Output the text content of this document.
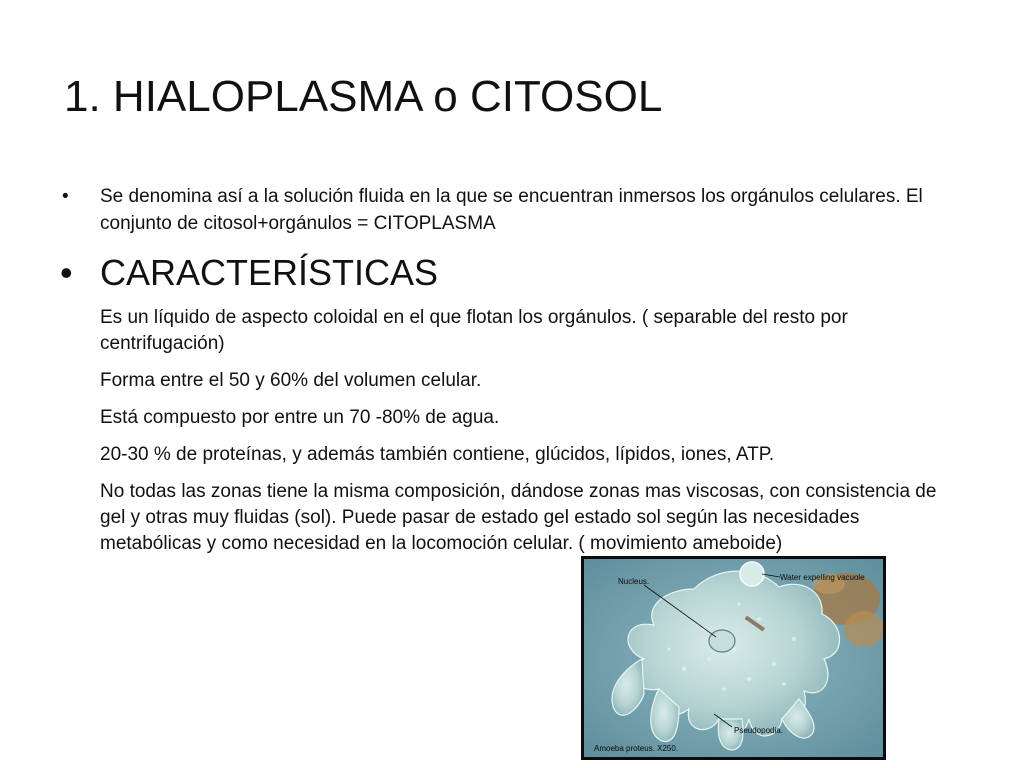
1. HIALOPLASMA o CITOSOL

• Se denomina así a la solución fluida en la que se encuentran inmersos los orgánulos celulares. El conjunto de citosol+orgánulos = CITOPLASMA

• CARACTERÍSTICAS

Es un líquido de aspecto coloidal en el que flotan los orgánulos. ( separable del resto por centrifugación)

Forma entre el 50 y 60% del volumen celular.

Está compuesto por entre un 70 -80% de agua.

20-30 % de proteínas, y además también contiene, glúcidos, lípidos, iones, ATP.

No todas las zonas tiene la misma composición, dándose zonas mas viscosas, con consistencia de gel y otras muy fluidas (sol). Puede pasar de estado gel estado sol según las necesidades metabólicas y como necesidad en la locomoción celular. ( movimiento ameboide)

Nucleus.	Water expelling vacuole
Pseudopodia.
Amoeba proteus. X250.
